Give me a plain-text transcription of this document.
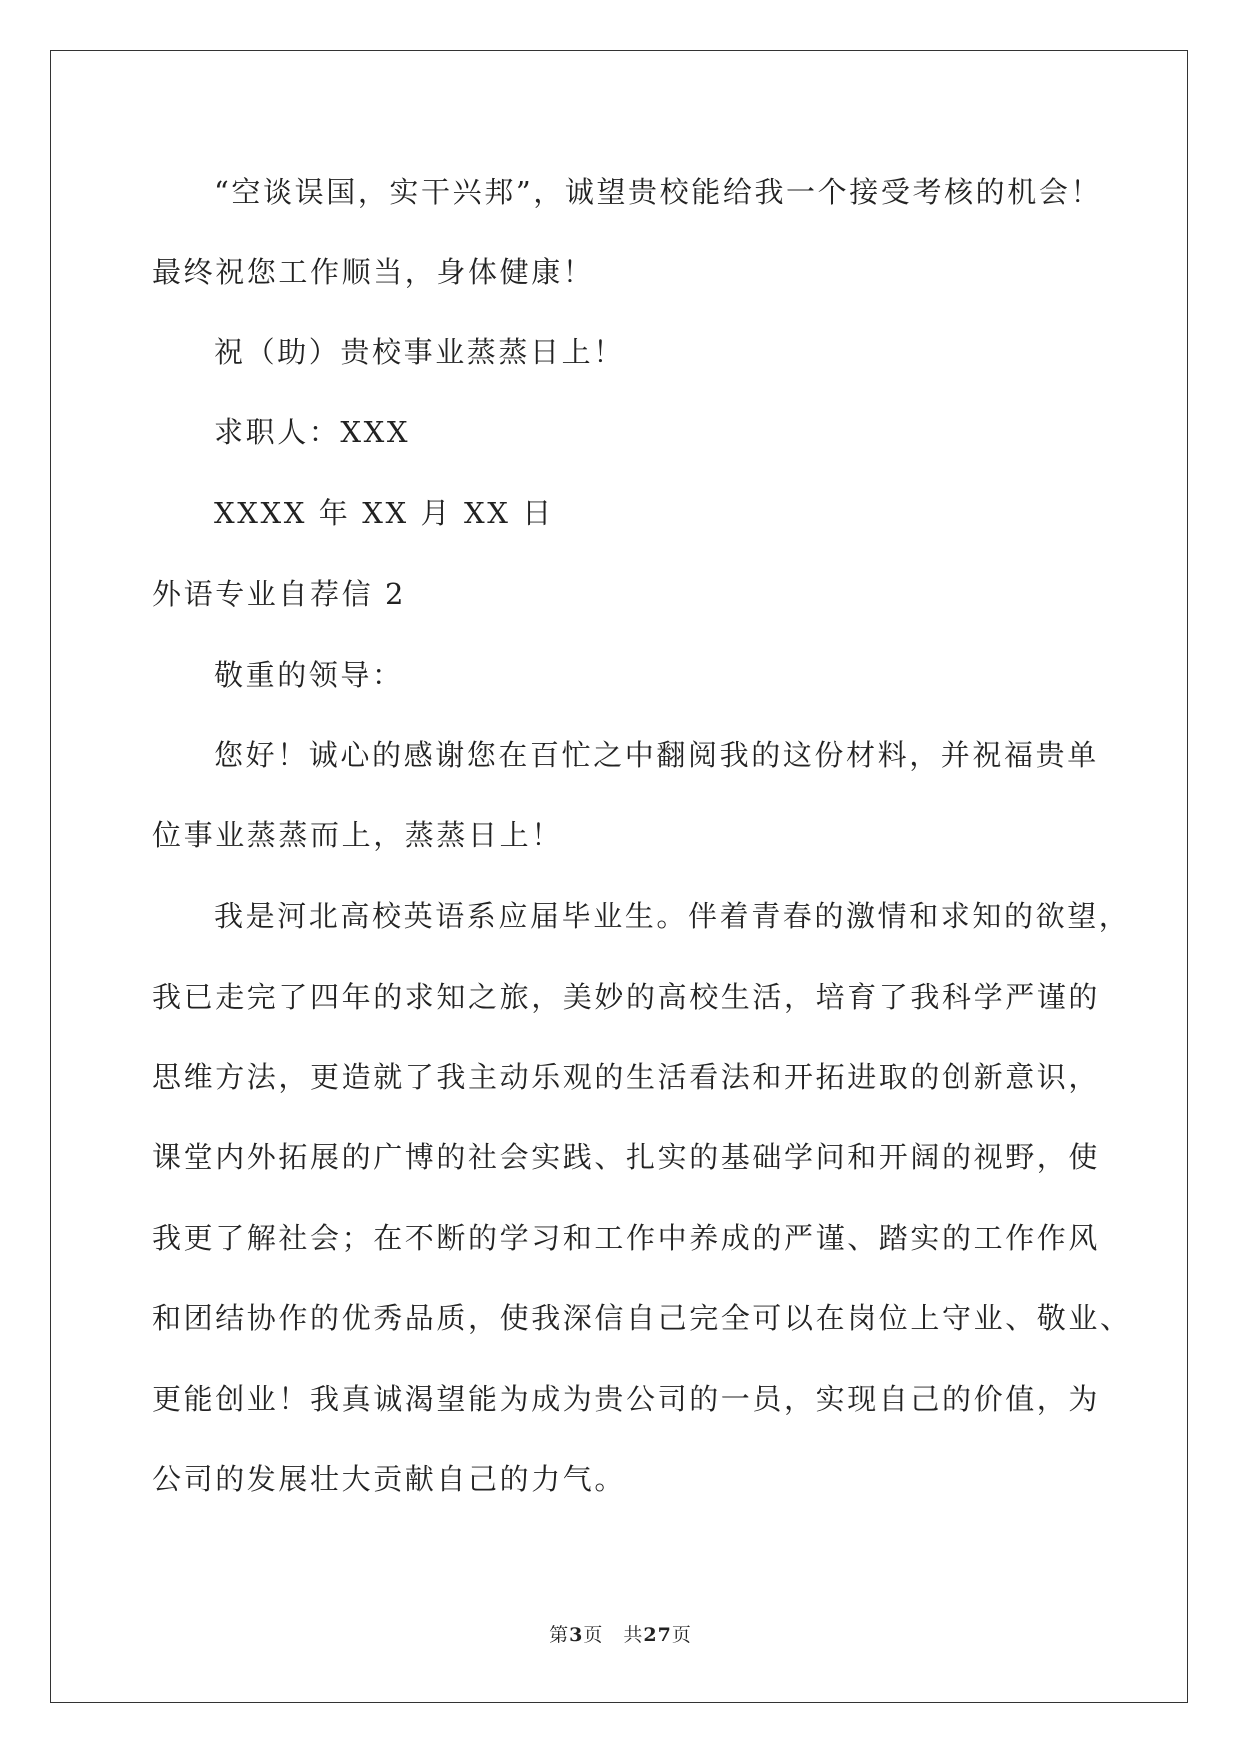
“空谈误国，实干兴邦”，诚望贵校能给我一个接受考核的机会！
最终祝您工作顺当，身体健康！
祝（助）贵校事业蒸蒸日上！
求职人：XXX
XXXX 年 XX 月 XX 日
外语专业自荐信 2
敬重的领导：
您好！诚心的感谢您在百忙之中翻阅我的这份材料，并祝福贵单
位事业蒸蒸而上，蒸蒸日上！
我是河北高校英语系应届毕业生。伴着青春的激情和求知的欲望，
我已走完了四年的求知之旅，美妙的高校生活，培育了我科学严谨的
思维方法，更造就了我主动乐观的生活看法和开拓进取的创新意识，
课堂内外拓展的广博的社会实践、扎实的基础学问和开阔的视野，使
我更了解社会；在不断的学习和工作中养成的严谨、踏实的工作作风
和团结协作的优秀品质，使我深信自己完全可以在岗位上守业、敬业、
更能创业！我真诚渴望能为成为贵公司的一员，实现自己的价值，为
公司的发展壮大贡献自己的力气。
第3页　共27页
